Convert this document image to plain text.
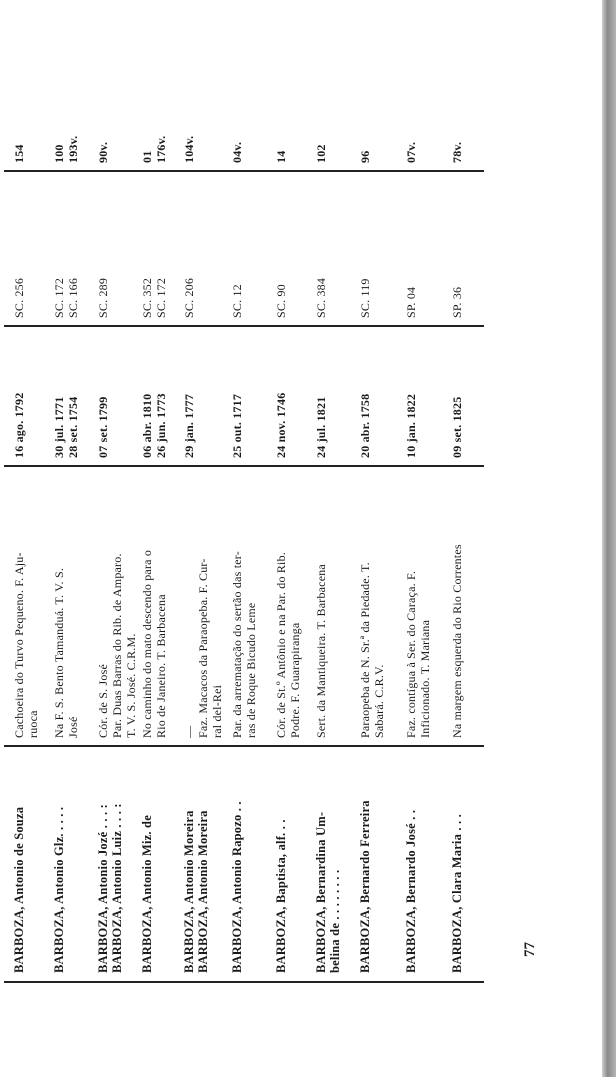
BARBOZA, Antonio de Souza
Cachoeira do Turvo Pequeno. F. Aju- ruoca
16 ago. 1792
SC. 256
154
BARBOZA, Antonio Glz. . . . .
Na F. S. Bento Tamanduá. T. V. S. José
30 jul. 1771 28 set. 1754
SC. 172 SC. 166
100 193v.
BARBOZA, Antonio Jozé . . . : BARBOZA, Antonio Luiz . . . :
Cór. de S. José Par. Duas Barras do Rib. de Amparo. T. V. S. José. C.R.M.
07 set. 1799
SC. 289
90v.
BARBOZA, Antonio Miz. de
No caminho do mato descendo para o Rio de Janeiro. T. Barbacena
06 abr. 1810 26 jun. 1773
SC. 352 SC. 172
01 176v.
BARBOZA, Antonio Moreira BARBOZA, Antonio Moreira
— Faz. Macacos da Paraopeba. F. Cur- ral del-Rei
29 jan. 1777
SC. 206
104v.
BARBOZA, Antonio Rapozo . .
Par. da arrematação do sertão das ter- ras de Roque Bicudo Leme
25 out. 1717
SC. 12
04v.
BARBOZA, Baptista, alf. . .
Cór. de St.º Antônio e na Par. do Rib. Podre. F. Guarapiranga
24 nov. 1746
SC. 90
14
BARBOZA, Bernardina Um- belina de . . . . . . . .
Sert. da Mantiqueira. T. Barbacena
24 jul. 1821
SC. 384
102
BARBOZA, Bernardo Ferreira
Paraopeba de N. Sr.ª da Piedade. T. Sabará. C.R.V.
20 abr. 1758
SC. 119
96
BARBOZA, Bernardo José . .
Faz. contígua à Ser. do Caraça. F. Inficionado. T. Mariana
10 jan. 1822
SP. 04
07v.
BARBOZA, Clara Maria . . .
Na margem esquerda do Rio Correntes
09 set. 1825
SP. 36
78v.
77
